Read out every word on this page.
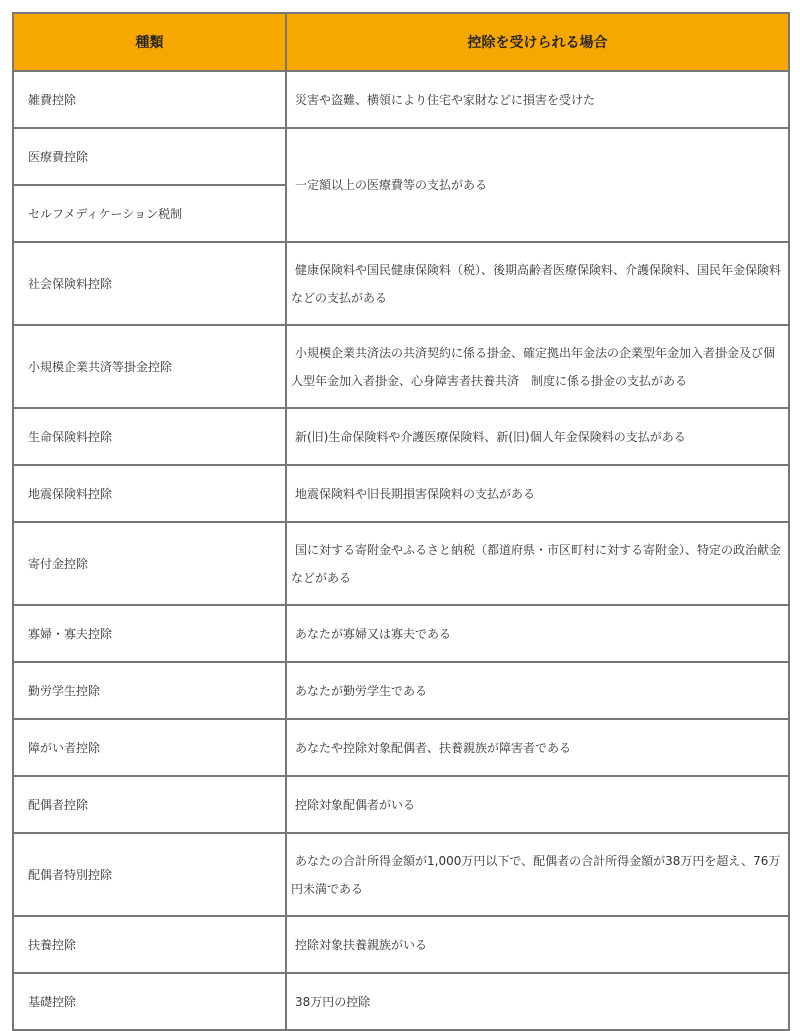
種類	控除を受けられる場合
雑費控除	災害や盗難、横領により住宅や家財などに損害を受けた

医療費控除	一定額以上の医療費等の支払がある

セルフメディケーション税制	
社会保険料控除	健康保険料や国民健康保険料（税）、後期高齢者医療保険料、介護保険料、国民年金保険料などの支払がある

小規模企業共済等掛金控除	小規模企業共済法の共済契約に係る掛金、確定拠出年金法の企業型年金加入者掛金及び個人型年金加入者掛金、心身障害者扶養共済　制度に係る掛金の支払がある

生命保険料控除	新(旧)生命保険料や介護医療保険料、新(旧)個人年金保険料の支払がある

地震保険料控除	地震保険料や旧長期損害保険料の支払がある

寄付金控除	国に対する寄附金やふるさと納税（都道府県・市区町村に対する寄附金）、特定の政治献金などがある

寡婦・寡夫控除	あなたが寡婦又は寡夫である

勤労学生控除	あなたが勤労学生である

障がい者控除	あなたや控除対象配偶者、扶養親族が障害者である

配偶者控除	控除対象配偶者がいる

配偶者特別控除	あなたの合計所得金額が1,000万円以下で、配偶者の合計所得金額が38万円を超え、76万円未満である

扶養控除	控除対象扶養親族がいる

基礎控除	38万円の控除
